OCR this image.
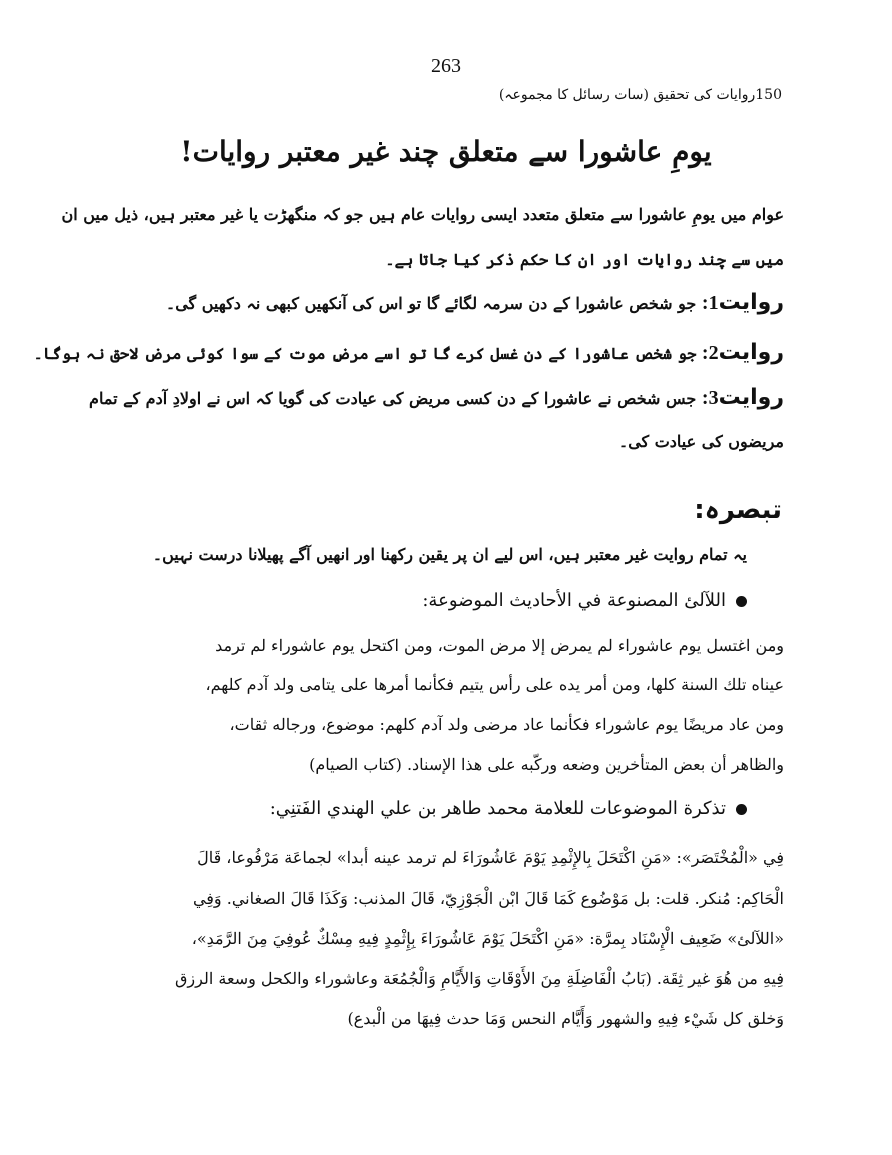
263
150روایات کی تحقیق (سات رسائل کا مجموعہ)
یومِ عاشورا سے متعلق چند غیر معتبر روایات!
عوام میں یومِ عاشورا سے متعلق متعدد ایسی روایات عام ہیں جو کہ منگھڑت یا غیر معتبر ہیں، ذیل میں ان
میں سے چند روایات اور ان کا حکم ذکر کیا جاتا ہے۔
روایت1: جو شخص عاشورا کے دن سرمہ لگائے گا تو اس کی آنکھیں کبھی نہ دکھیں گی۔
روایت2: جو شخص عاشورا کے دن غسل کرے گا تو اسے مرضِ موت کے سوا کوئی مرض لاحق نہ ہوگا۔
روایت3: جس شخص نے عاشورا کے دن کسی مریض کی عیادت کی گویا کہ اس نے اولادِ آدم کے تمام
مریضوں کی عیادت کی۔
تبصرہ:
یہ تمام روایت غیر معتبر ہیں، اس لیے ان پر یقین رکھنا اور انھیں آگے پھیلانا درست نہیں۔
اللآلئ المصنوعة في الأحاديث الموضوعة:
ومن اغتسل يوم عاشوراء لم يمرض إلا مرض الموت، ومن اكتحل يوم عاشوراء لم ترمد
عيناه تلك السنة كلها، ومن أمر يده على رأس يتيم فكأنما أمرها على يتامى ولد آدم كلهم،
ومن عاد مريضًا يوم عاشوراء فكأنما عاد مرضى ولد آدم كلهم: موضوع، ورجاله ثقات،
والظاهر أن بعض المتأخرين وضعه وركّبه على هذا الإسناد. (كتاب الصيام)
تذكرة الموضوعات للعلامة محمد طاهر بن علي الهندي الفَتنِي:
فِي «الْمُخْتَصَر»: «مَنِ اكْتَحَلَ بِالإِثْمِدِ يَوْمَ عَاشُورَاءَ لم ترمد عينه أبدا» لجماعَة مَرْفُوعا، قَالَ
الْحَاكِم: مُنكر. قلت: بل مَوْضُوع كَمَا قَالَ ابْن الْجَوْزِيّ، قَالَ المذنب: وَكَذَا قَالَ الصغاني. وَفِي
«اللآلئ» ضَعِيف الْإِسْنَاد بِمرَّة: «مَنِ اكْتَحَلَ يَوْمَ عَاشُورَاءَ بِإِثْمِدٍ فِيهِ مِسْكٌ عُوفِيَ مِنَ الرَّمَدِ»،
فِيهِ من هُوَ غير ثِقَة. (بَابُ الْفَاضِلَةِ مِنَ الأَوْقَاتِ وَالأَيَّامِ وَالْجُمُعَة وعاشوراء والكحل وسعة الرزق
وَخلق كل شَيْء فِيهِ والشهور وَأَيَّام النحس وَمَا حدث فِيهَا من الْبدع)
